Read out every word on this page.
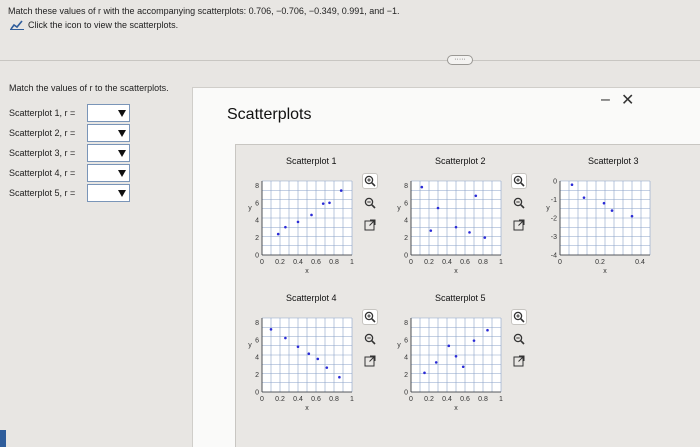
Match these values of r with the accompanying scatterplots: 0.706, −0.706, −0.349, 0.991, and −1.
Click the icon to view the scatterplots.
·····
Match the values of r to the scatterplots.
Scatterplot 1, r =
Scatterplot 2, r =
Scatterplot 3, r =
Scatterplot 4, r =
Scatterplot 5, r =
Scatterplots
– ✕
Scatterplot 1
0 0.2 0.4 0.6 0.8 1
0
2
4
6
8
x
y
Scatterplot 2
0 0.2 0.4 0.6 0.8 1
0
2
4
6
8
x
y
Scatterplot 3
0	0.2	0.4
0
-1
-2
-3
-4
x
y
Scatterplot 4
0 0.2 0.4 0.6 0.8 1
0
2
4
6
8
x
y
Scatterplot 5
0 0.2 0.4 0.6 0.8 1
0
2
4
6
8
x
y
